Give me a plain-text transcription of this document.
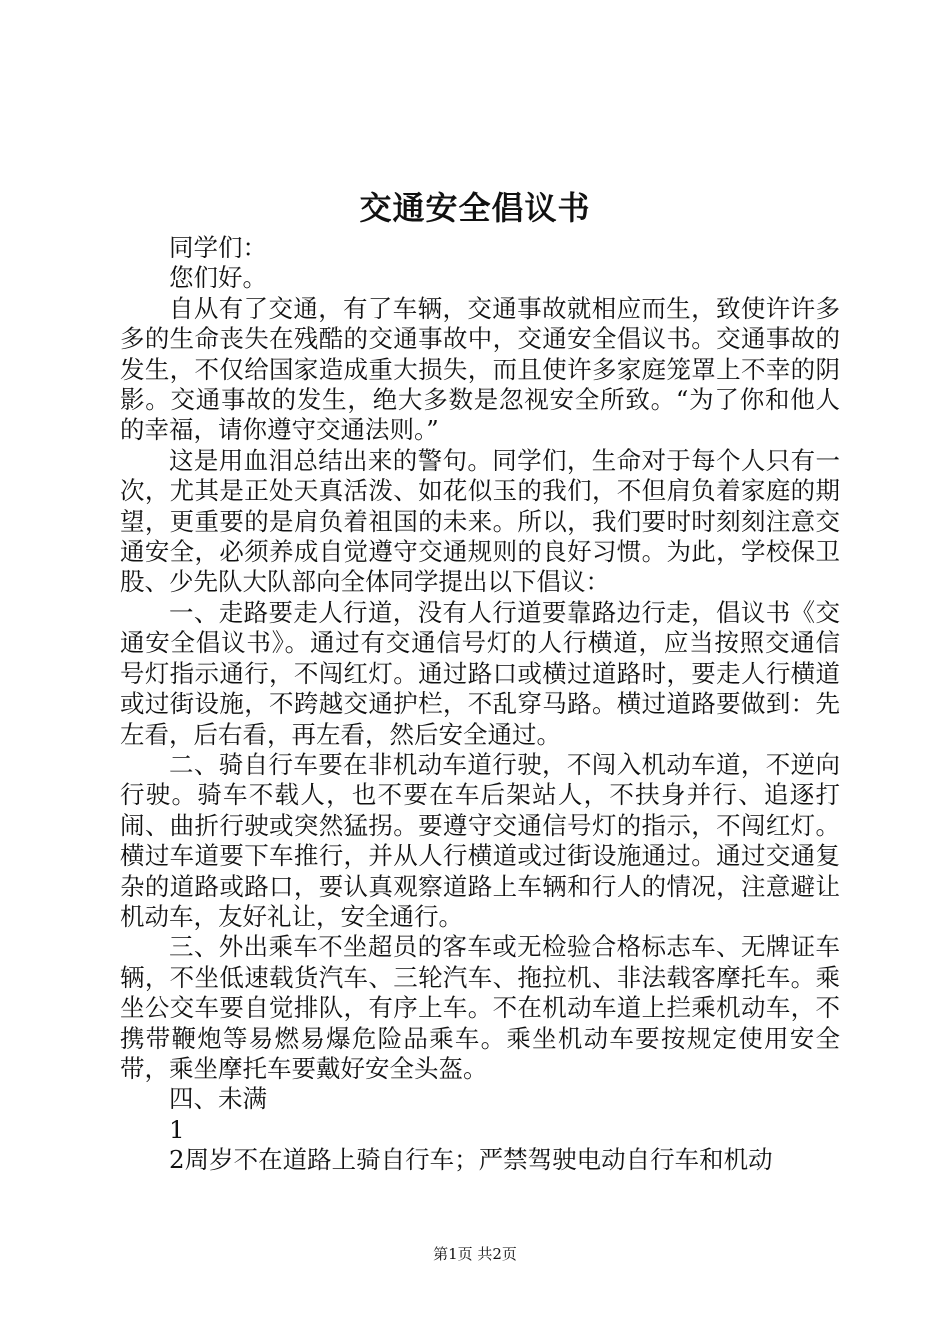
交通安全倡议书

同学们：

您们好。

自从有了交通，有了车辆，交通事故就相应而生，致使许许多多的生命丧失在残酷的交通事故中，交通安全倡议书。交通事故的发生，不仅给国家造成重大损失，而且使许多家庭笼罩上不幸的阴影。交通事故的发生，绝大多数是忽视安全所致。“为了你和他人的幸福，请你遵守交通法则。”

这是用血泪总结出来的警句。同学们，生命对于每个人只有一次，尤其是正处天真活泼、如花似玉的我们，不但肩负着家庭的期望，更重要的是肩负着祖国的未来。所以，我们要时时刻刻注意交通安全，必须养成自觉遵守交通规则的良好习惯。为此，学校保卫股、少先队大队部向全体同学提出以下倡议：

一、走路要走人行道，没有人行道要靠路边行走，倡议书《交通安全倡议书》。通过有交通信号灯的人行横道，应当按照交通信号灯指示通行，不闯红灯。通过路口或横过道路时，要走人行横道或过街设施，不跨越交通护栏，不乱穿马路。横过道路要做到：先左看，后右看，再左看，然后安全通过。

二、骑自行车要在非机动车道行驶，不闯入机动车道，不逆向行驶。骑车不载人，也不要在车后架站人，不扶身并行、追逐打闹、曲折行驶或突然猛拐。要遵守交通信号灯的指示，不闯红灯。横过车道要下车推行，并从人行横道或过街设施通过。通过交通复杂的道路或路口，要认真观察道路上车辆和行人的情况，注意避让机动车，友好礼让，安全通行。

三、外出乘车不坐超员的客车或无检验合格标志车、无牌证车辆，不坐低速载货汽车、三轮汽车、拖拉机、非法载客摩托车。乘坐公交车要自觉排队，有序上车。不在机动车道上拦乘机动车，不携带鞭炮等易燃易爆危险品乘车。乘坐机动车要按规定使用安全带，乘坐摩托车要戴好安全头盔。

四、未满

1

2周岁不在道路上骑自行车；严禁驾驶电动自行车和机动

第1页 共2页
